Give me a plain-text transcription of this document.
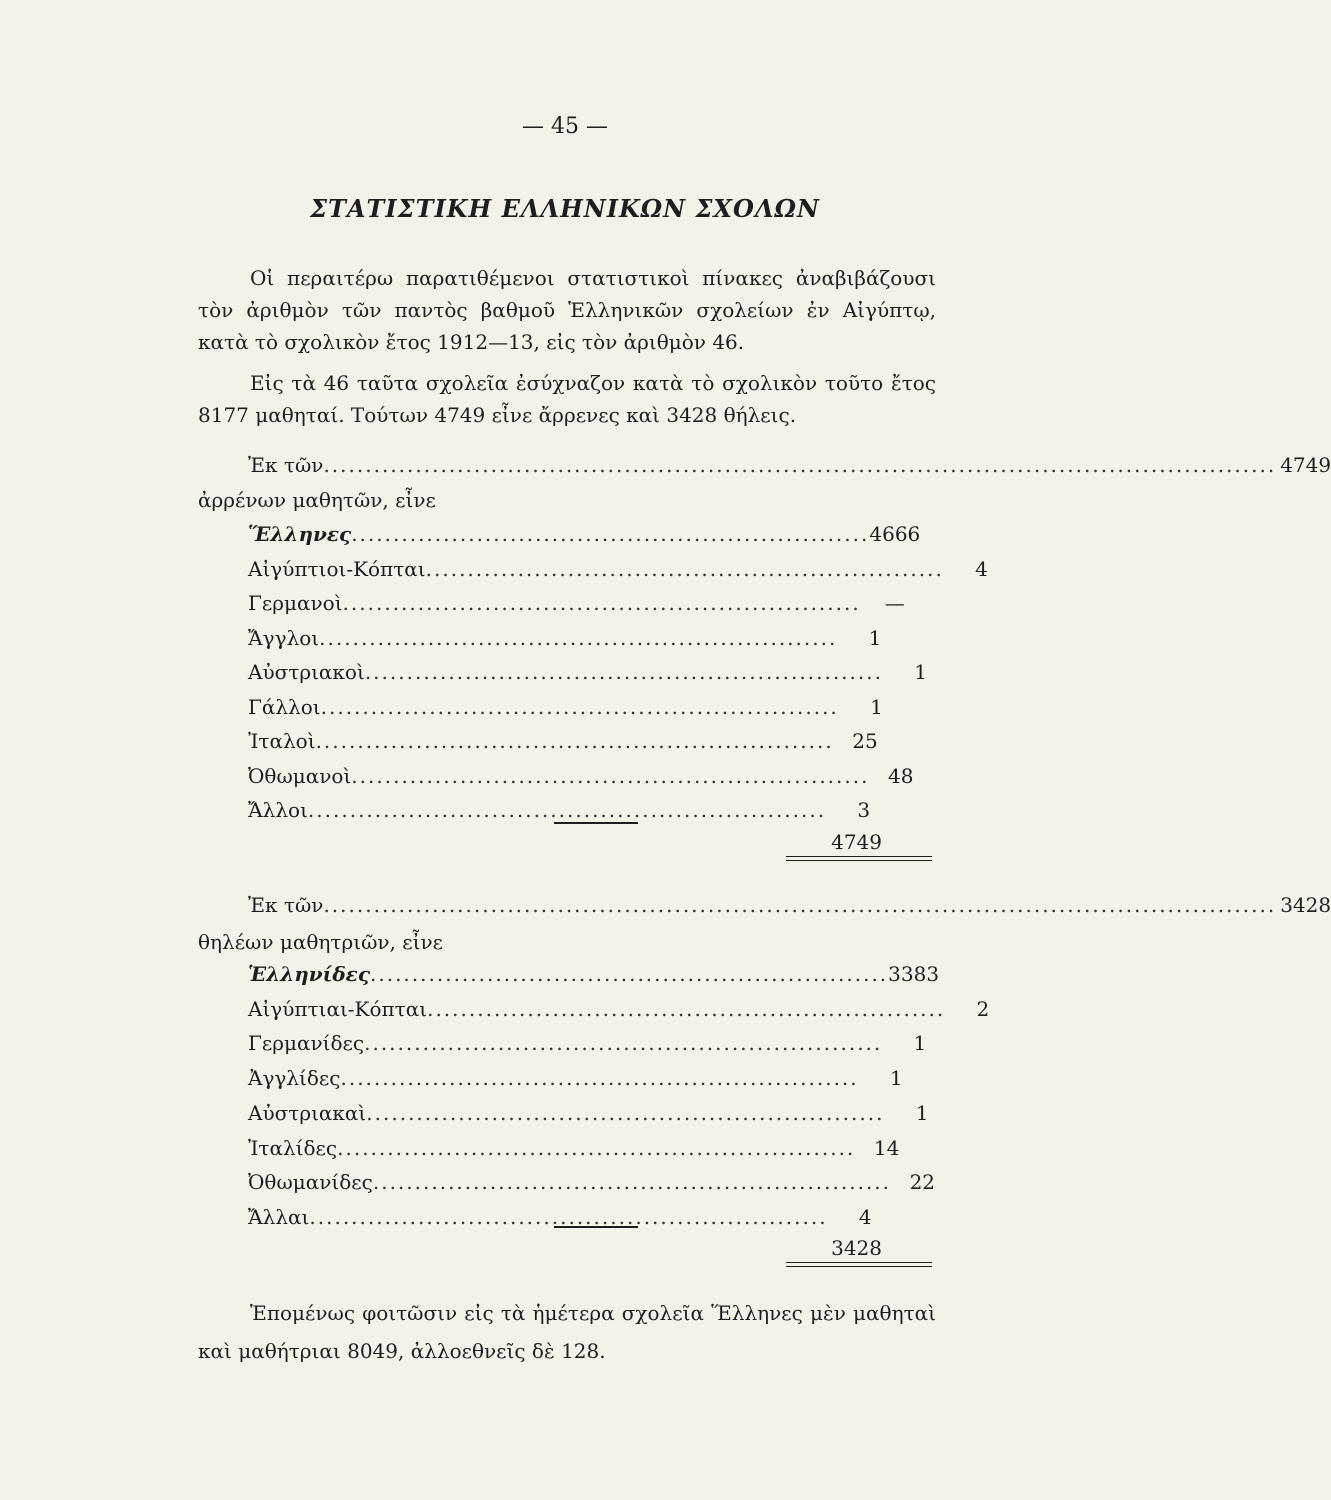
— 45 —
ΣΤΑΤΙΣΤΙΚΗ ΕΛΛΗΝΙΚΩΝ ΣΧΟΛΩΝ
Οἱ περαιτέρω παρατιθέμενοι στατιστικοὶ πίνακες ἀναβιβάζουσι τὸν ἀριθμὸν τῶν παντὸς βαθμοῦ Ἑλληνικῶν σχολείων ἐν Αἰγύπτῳ, κατὰ τὸ σχολικὸν ἔτος 1912—13, εἰς τὸν ἀριθμὸν 46.
Εἰς τὰ 46 ταῦτα σχολεῖα ἐσύχναζον κατὰ τὸ σχολικὸν τοῦτο ἔτος 8177 μαθηταί. Τούτων 4749 εἶνε ἄρρενες καὶ 3428 θήλεις.
Ἐκ τῶν .................................................................................................................. 4749
ἀρρένων μαθητῶν, εἶνε
Ἕλληνες .............................................................. 4666
Αἰγύπτιοι-Κόπται ..............................................................	4
Γερμανοὶ ..............................................................	—
Ἄγγλοι ..............................................................	1
Αὐστριακοὶ ..............................................................	1
Γάλλοι ..............................................................	1
Ἰταλοὶ .............................................................. 25
Ὀθωμανοὶ .............................................................. 48
Ἄλλοι ..............................................................	3
4749
Ἐκ τῶν .................................................................................................................. 3428
θηλέων μαθητριῶν, εἶνε
Ἑλληνίδες .............................................................. 3383
Αἰγύπτιαι-Κόπται ..............................................................	2
Γερμανίδες ..............................................................	1
Ἀγγλίδες ..............................................................	1
Αὐστριακαὶ ..............................................................	1
Ἰταλίδες .............................................................. 14
Ὀθωμανίδες .............................................................. 22
Ἄλλαι ..............................................................	4
3428
Ἑπομένως φοιτῶσιν εἰς τὰ ἡμέτερα σχολεῖα Ἕλληνες μὲν μαθηταὶ καὶ μαθήτριαι 8049, ἀλλοεθνεῖς δὲ 128.
